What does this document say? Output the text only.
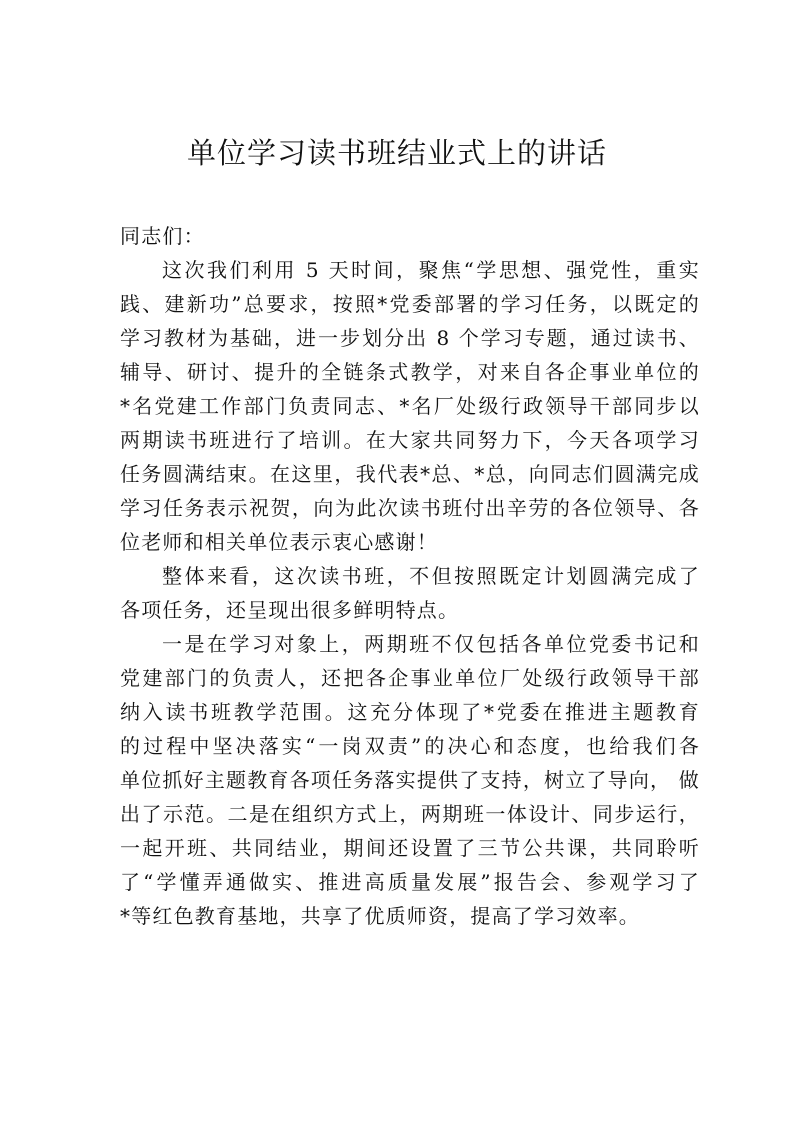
单位学习读书班结业式上的讲话
同志们：
这次我们利用 5 天时间，聚焦“学思想、强党性，重实
践、建新功”总要求，按照*党委部署的学习任务，以既定的
学习教材为基础，进一步划分出 8 个学习专题，通过读书、
辅导、研讨、提升的全链条式教学，对来自各企事业单位的
*名党建工作部门负责同志、*名厂处级行政领导干部同步以
两期读书班进行了培训。在大家共同努力下，今天各项学习
任务圆满结束。在这里，我代表*总、*总，向同志们圆满完成
学习任务表示祝贺，向为此次读书班付出辛劳的各位领导、各
位老师和相关单位表示衷心感谢！
整体来看，这次读书班，不但按照既定计划圆满完成了
各项任务，还呈现出很多鲜明特点。
一是在学习对象上，两期班不仅包括各单位党委书记和
党建部门的负责人，还把各企事业单位厂处级行政领导干部
纳入读书班教学范围。这充分体现了*党委在推进主题教育
的过程中坚决落实“一岗双责”的决心和态度，也给我们各
单位抓好主题教育各项任务落实提供了支持，树立了导向， 做
出了示范。二是在组织方式上，两期班一体设计、同步运行，
一起开班、共同结业，期间还设置了三节公共课，共同聆听
了“学懂弄通做实、推进高质量发展”报告会、参观学习了
*等红色教育基地，共享了优质师资，提高了学习效率。
